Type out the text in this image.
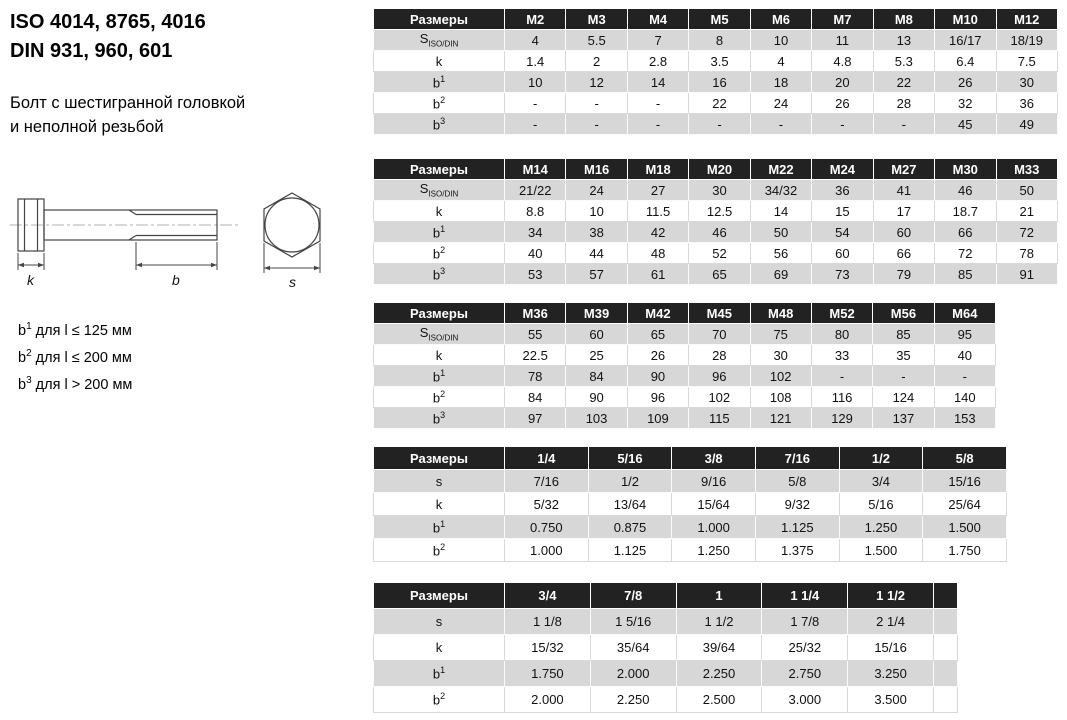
ISO 4014, 8765, 4016
DIN 931, 960, 601
Болт с шестигранной головкой
и неполной резьбой
k	b	s
$b^1$ для l ≤ 125 мм
$b^2$ для l ≤ 200 мм
$b^3$ для l > 200 мм
Размеры	M2	M3	M4	M5	M6	M7	M8	M10	M12
$S_{ISO/DIN}$	4	5.5	7	8	10	11	13	16/17	18/19
k	1.4	2	2.8	3.5	4	4.8	5.3	6.4	7.5
$b^1$	10	12	14	16	18	20	22	26	30
$b^2$	-	-	-	22	24	26	28	32	36
$b^3$	-	-	-	-	-	-	-	45	49
Размеры	M14	M16	M18	M20	M22	M24	M27	M30	M33
$S_{ISO/DIN}$	21/22	24	27	30	34/32	36	41	46	50
k	8.8	10	11.5	12.5	14	15	17	18.7	21
$b^1$	34	38	42	46	50	54	60	66	72
$b^2$	40	44	48	52	56	60	66	72	78
$b^3$	53	57	61	65	69	73	79	85	91
Размеры	M36	M39	M42	M45	M48	M52	M56	M64
$S_{ISO/DIN}$	55	60	65	70	75	80	85	95
k	22.5	25	26	28	30	33	35	40
$b^1$	78	84	90	96	102	-	-	-
$b^2$	84	90	96	102	108	116	124	140
$b^3$	97	103	109	115	121	129	137	153
Размеры	1/4	5/16	3/8	7/16	1/2	5/8
s	7/16	1/2	9/16	5/8	3/4	15/16
k	5/32	13/64	15/64	9/32	5/16	25/64
$b^1$	0.750	0.875	1.000	1.125	1.250	1.500
$b^2$	1.000	1.125	1.250	1.375	1.500	1.750
Размеры	3/4	7/8	1	1 1/4	1 1/2	
s	1 1/8	1 5/16	1 1/2	1 7/8	2 1/4	
k	15/32	35/64	39/64	25/32	15/16	
$b^1$	1.750	2.000	2.250	2.750	3.250	
$b^2$	2.000	2.250	2.500	3.000	3.500	
